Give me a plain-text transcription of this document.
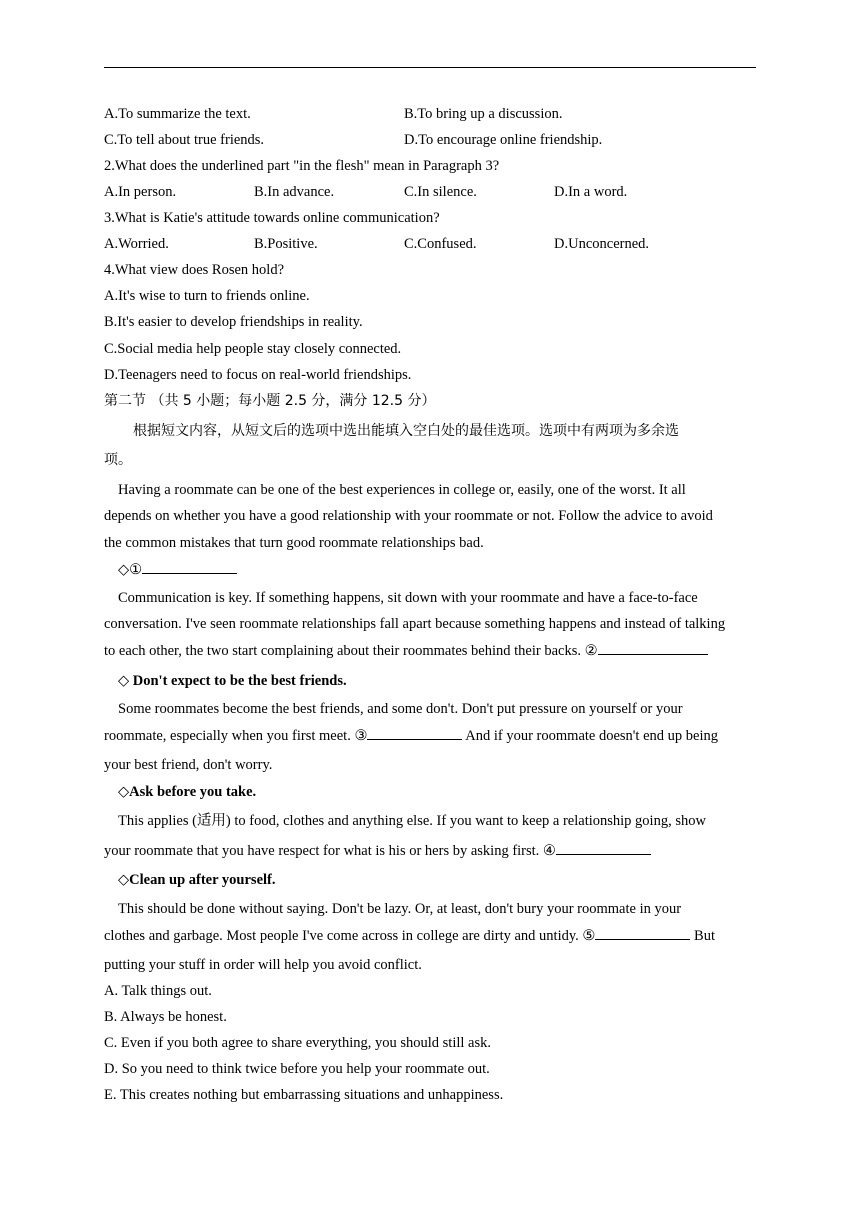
A.To summarize the text.	B.To bring up a discussion.
C.To tell about true friends.	D.To encourage online friendship.
2.What does the underlined part "in the flesh" mean in Paragraph 3?
A.In person.	B.In advance.	C.In silence.	D.In a word.
3.What is Katie's attitude towards online communication?
A.Worried.	B.Positive.	C.Confused.	D.Unconcerned.
4.What view does Rosen hold?
A.It's wise to turn to friends online.
B.It's easier to develop friendships in reality.
C.Social media help people stay closely connected.
D.Teenagers need to focus on real-world friendships.
第二节 （共 5 小题；每小题 2.5 分，满分 12.5 分）
根据短文内容，从短文后的选项中选出能填入空白处的最佳选项。选项中有两项为多余选
项。
Having a roommate can be one of the best experiences in college or, easily, one of the worst. It all
depends on whether you have a good relationship with your roommate or not. Follow the advice to avoid
the common mistakes that turn good roommate relationships bad.
◇①
Communication is key. If something happens, sit down with your roommate and have a face-to-face
conversation. I've seen roommate relationships fall apart because something happens and instead of talking
to each other, the two start complaining about their roommates behind their backs. ②
◇ Don't expect to be the best friends.
Some roommates become the best friends, and some don't. Don't put pressure on yourself or your
roommate, especially when you first meet. ③	And if your roommate doesn't end up being
your best friend, don't worry.
◇Ask before you take.
This applies (适用) to food, clothes and anything else. If you want to keep a relationship going, show
your roommate that you have respect for what is his or hers by asking first. ④
◇Clean up after yourself.
This should be done without saying. Don't be lazy. Or, at least, don't bury your roommate in your
clothes and garbage. Most people I've come across in college are dirty and untidy. ⑤	But
putting your stuff in order will help you avoid conflict.
A. Talk things out.
B. Always be honest.
C. Even if you both agree to share everything, you should still ask.
D. So you need to think twice before you help your roommate out.
E. This creates nothing but embarrassing situations and unhappiness.
